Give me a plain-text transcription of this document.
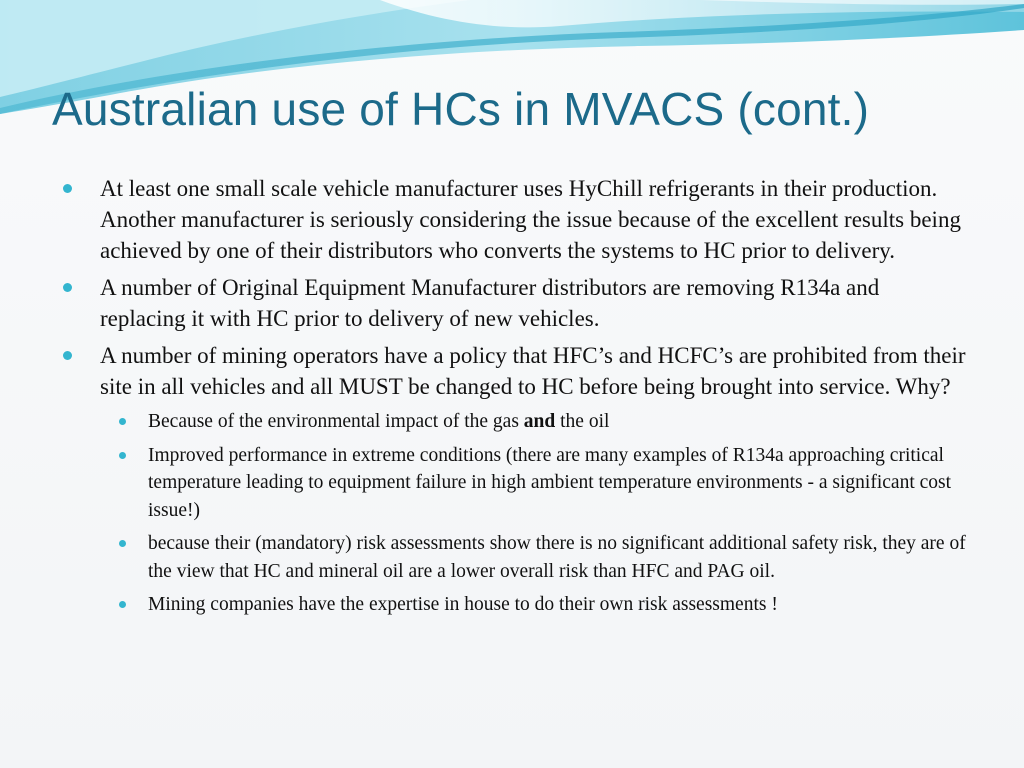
Australian use of HCs in MVACS (cont.)
At least one small scale vehicle manufacturer uses HyChill refrigerants in their production. Another manufacturer is seriously considering the issue because of the excellent results being achieved by one of their distributors who converts the systems to HC prior to delivery.
A number of Original Equipment Manufacturer distributors are removing R134a and replacing it with HC prior to delivery of new vehicles.
A number of mining operators have a policy that HFC’s and HCFC’s are prohibited from their site in all vehicles and all MUST be changed to HC before being brought into service. Why?
Because of the environmental impact of the gas and the oil
Improved performance in extreme conditions (there are many examples of R134a approaching critical temperature leading to equipment failure in high ambient temperature environments - a significant cost issue!)
because their (mandatory) risk assessments show there is no significant additional safety risk, they are of the view that HC and mineral oil are a lower overall risk than HFC and PAG oil.
Mining companies have the expertise in house to do their own risk assessments !
